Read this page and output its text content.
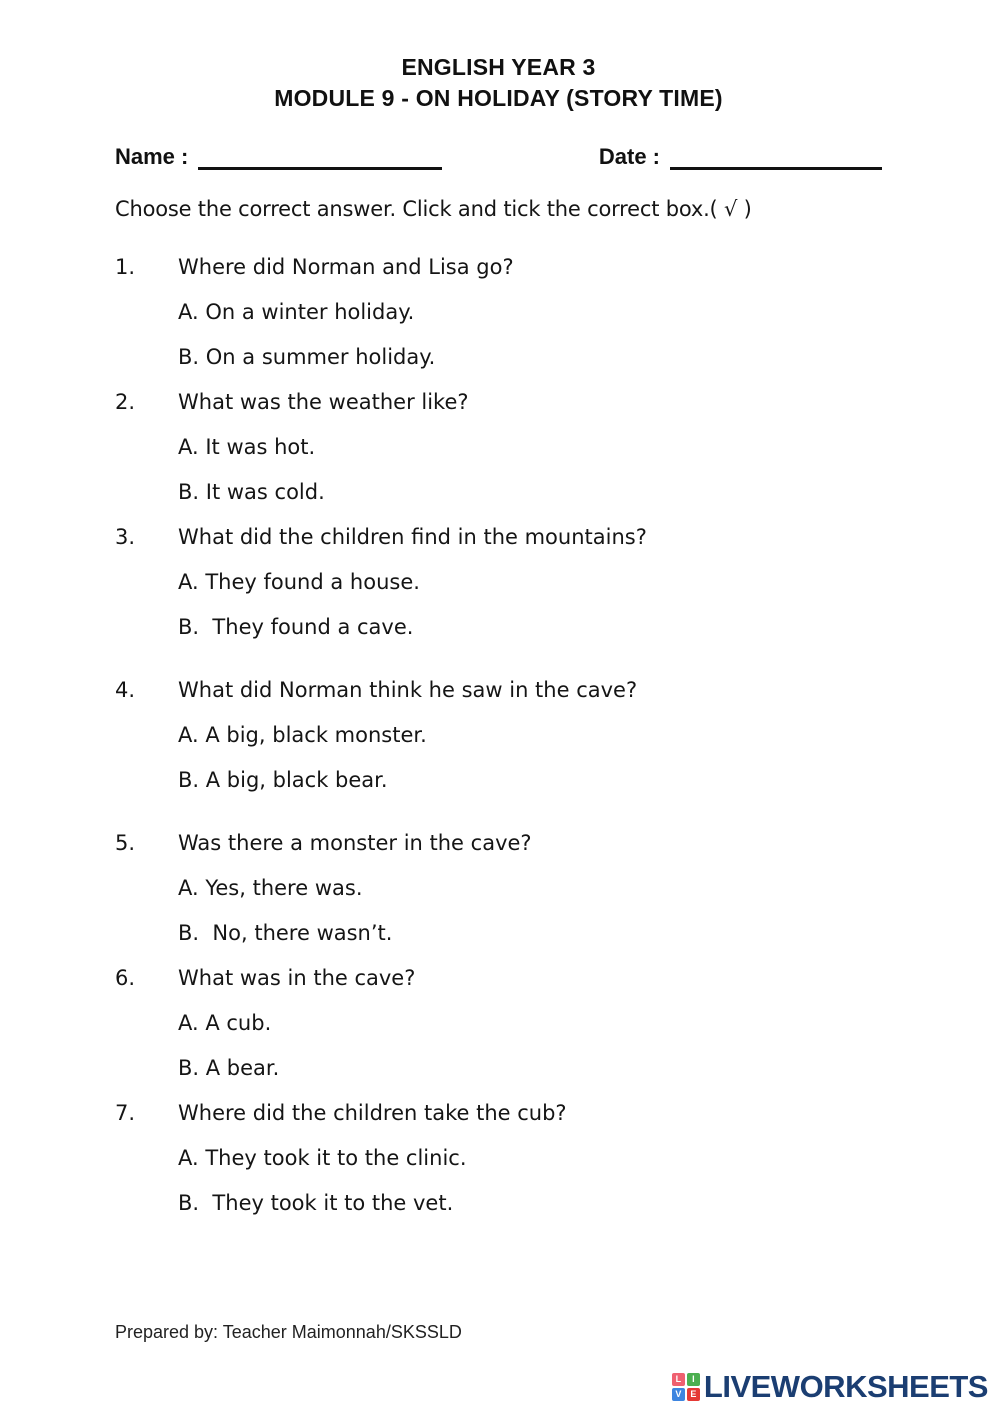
ENGLISH YEAR 3
MODULE 9 - ON HOLIDAY (STORY TIME)
Name :	Date :
Choose the correct answer. Click and tick the correct box.( √ )
1.	Where did Norman and Lisa go?
A. On a winter holiday.
B. On a summer holiday.
2.	What was the weather like?
A. It was hot.
B. It was cold.
3.	What did the children find in the mountains?
A. They found a house.
B.  They found a cave.
4.	What did Norman think he saw in the cave?
A. A big, black monster.
B. A big, black bear.
5.	Was there a monster in the cave?
A. Yes, there was.
B.  No, there wasn’t.
6.	What was in the cave?
A. A cub.
B. A bear.
7.	Where did the children take the cub?
A. They took it to the clinic.
B.  They took it to the vet.
Prepared by: Teacher Maimonnah/SKSSLD
L	I
V E LIVEWORKSHEETS
